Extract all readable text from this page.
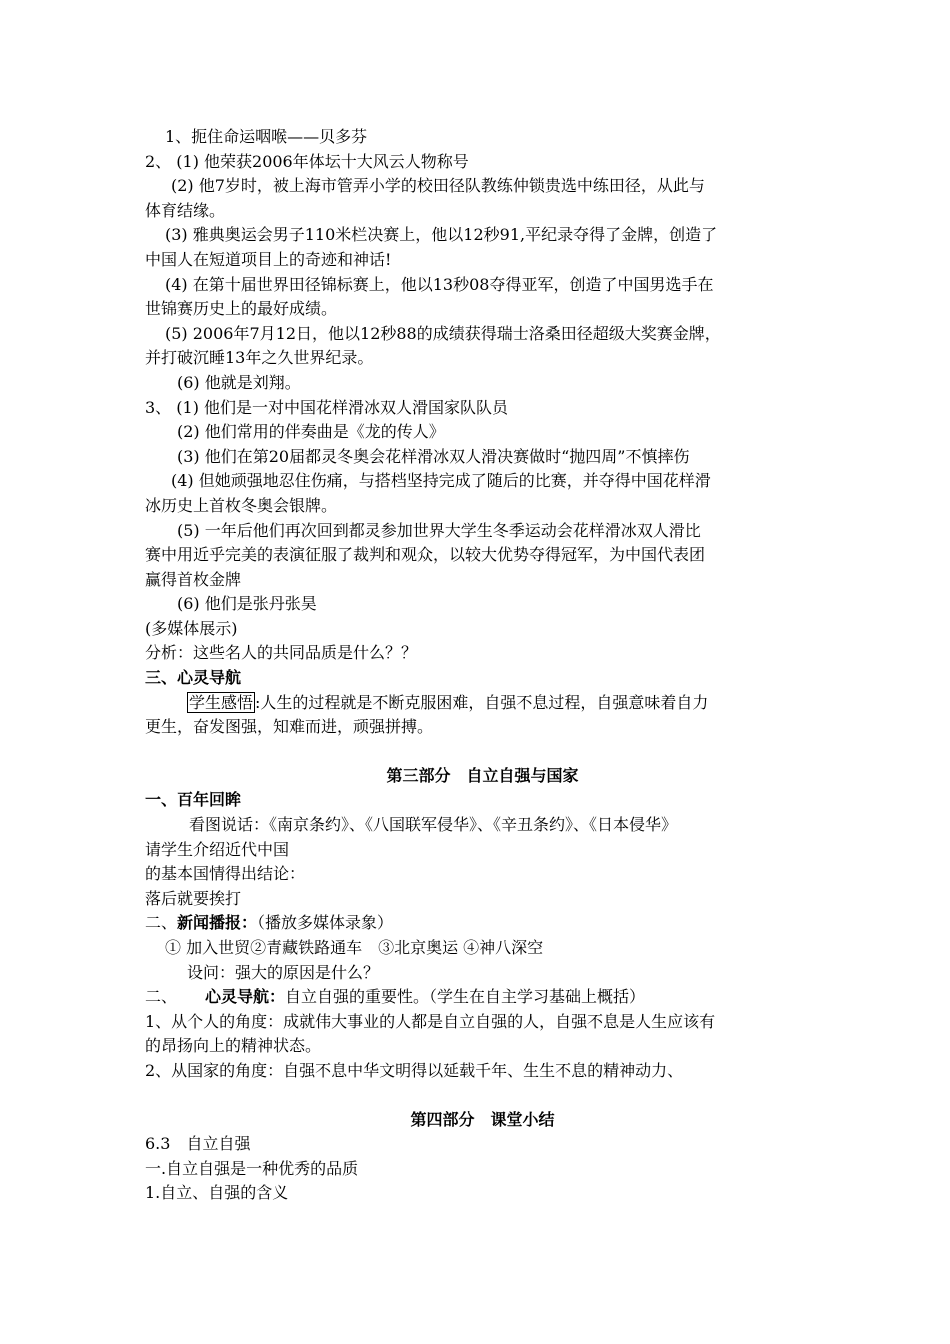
1、扼住命运咽喉——贝多芬
2、 (1) 他荣获2006年体坛十大风云人物称号
(2) 他7岁时，被上海市管弄小学的校田径队教练仲锁贵选中练田径，从此与
体育结缘。
(3) 雅典奥运会男子110米栏决赛上，他以12秒91,平纪录夺得了金牌，创造了
中国人在短道项目上的奇迹和神话!
(4) 在第十届世界田径锦标赛上，他以13秒08夺得亚军，创造了中国男选手在
世锦赛历史上的最好成绩。
(5) 2006年7月12日，他以12秒88的成绩获得瑞士洛桑田径超级大奖赛金牌，
并打破沉睡13年之久世界纪录。
(6) 他就是刘翔。
3、 (1) 他们是一对中国花样滑冰双人滑国家队队员
(2) 他们常用的伴奏曲是《龙的传人》
(3) 他们在第20届都灵冬奥会花样滑冰双人滑决赛做时“抛四周”不慎摔伤
(4) 但她顽强地忍住伤痛，与搭档坚持完成了随后的比赛，并夺得中国花样滑
冰历史上首枚冬奥会银牌。
(5) 一年后他们再次回到都灵参加世界大学生冬季运动会花样滑冰双人滑比
赛中用近乎完美的表演征服了裁判和观众，以较大优势夺得冠军，为中国代表团
赢得首枚金牌
(6) 他们是张丹张昊
(多媒体展示)
分析：这些名人的共同品质是什么？？
三、心灵导航
学生感悟 :人生的过程就是不断克服困难，自强不息过程，自强意味着自力
更生，奋发图强，知难而进，顽强拼搏。
第三部分　自立自强与国家
一、百年回眸
看图说话：《南京条约》、《八国联军侵华》、《辛丑条约》、《日本侵华》
请学生介绍近代中国
的基本国情得出结论：
落后就要挨打
二、新闻播报：（播放多媒体录象）
① 加入世贸②青藏铁路通车　③北京奥运 ④神八深空
设问：强大的原因是什么？
二、 心灵导航：自立自强的重要性。（学生在自主学习基础上概括）
1、从个人的角度：成就伟大事业的人都是自立自强的人，自强不息是人生应该有
的昂扬向上的精神状态。
2、从国家的角度：自强不息中华文明得以延载千年、生生不息的精神动力、
第四部分　课堂小结
6.3　自立自强
一.自立自强是一种优秀的品质
1.自立、自强的含义
